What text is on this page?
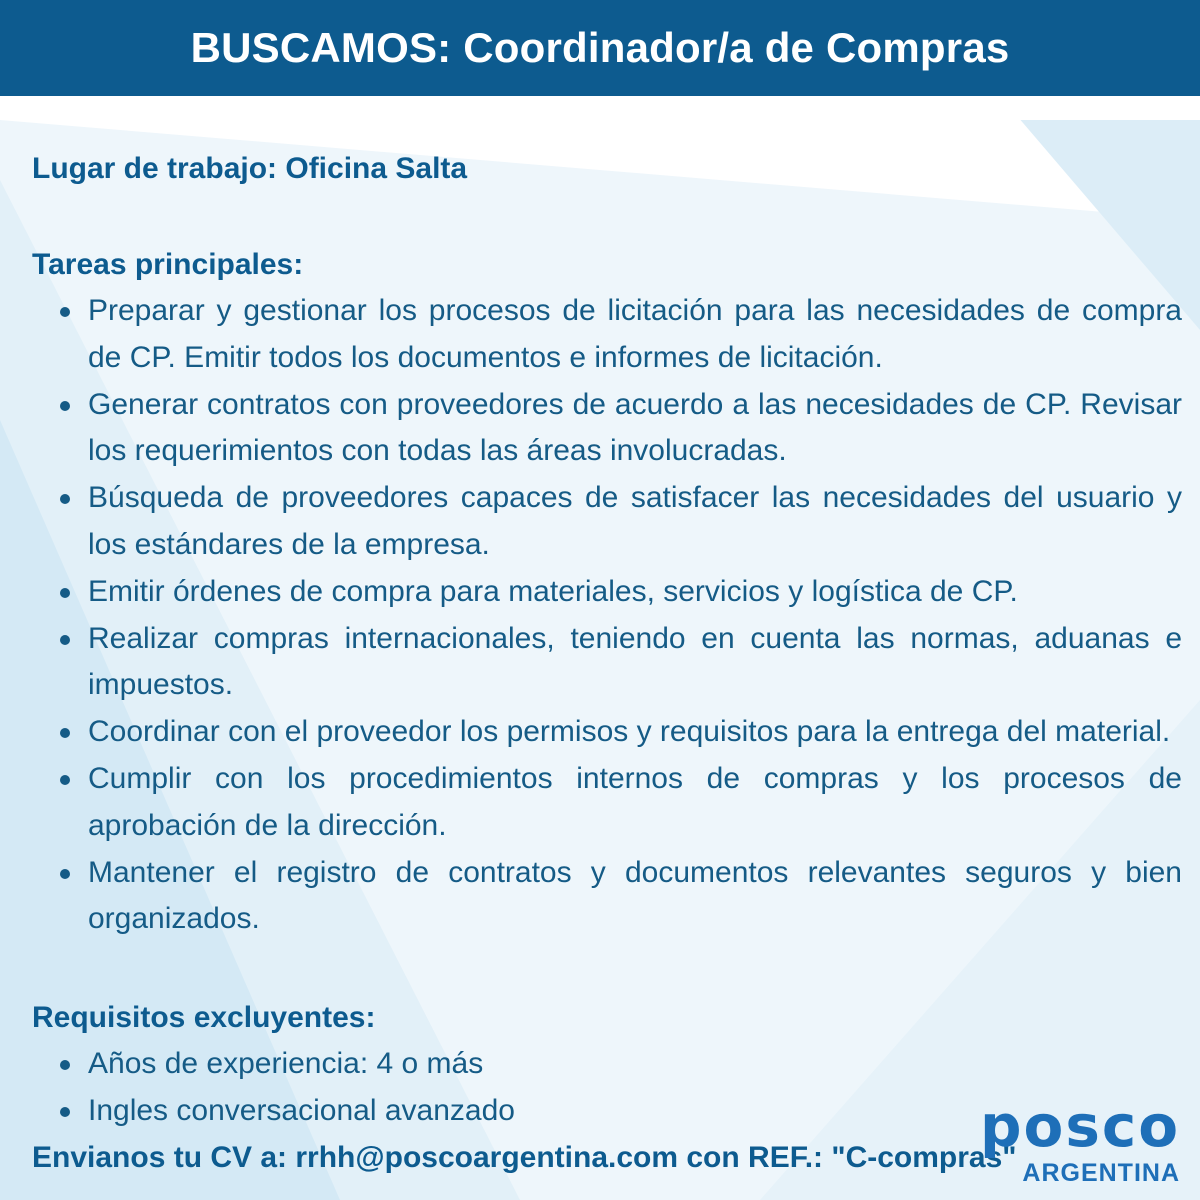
BUSCAMOS: Coordinador/a de Compras

Lugar de trabajo: Oficina Salta

Tareas principales:

Preparar y gestionar los procesos de licitación para las necesidades de compra de CP. Emitir todos los documentos e informes de licitación.
Generar contratos con proveedores de acuerdo a las necesidades de CP. Revisar los requerimientos con todas las áreas involucradas.
Búsqueda de proveedores capaces de satisfacer las necesidades del usuario y los estándares de la empresa.
Emitir órdenes de compra para materiales, servicios y logística de CP.
Realizar compras internacionales, teniendo en cuenta las normas, aduanas e impuestos.
Coordinar con el proveedor los permisos y requisitos para la entrega del material.
Cumplir con los procedimientos internos de compras y los procesos de aprobación de la dirección.
Mantener el registro de contratos y documentos relevantes seguros y bien organizados.

Requisitos excluyentes:

Años de experiencia: 4 o más
Ingles conversacional avanzado

Envianos tu CV a: rrhh@poscoargentina.com con REF.: "C-compras"

posco
ARGENTINA
